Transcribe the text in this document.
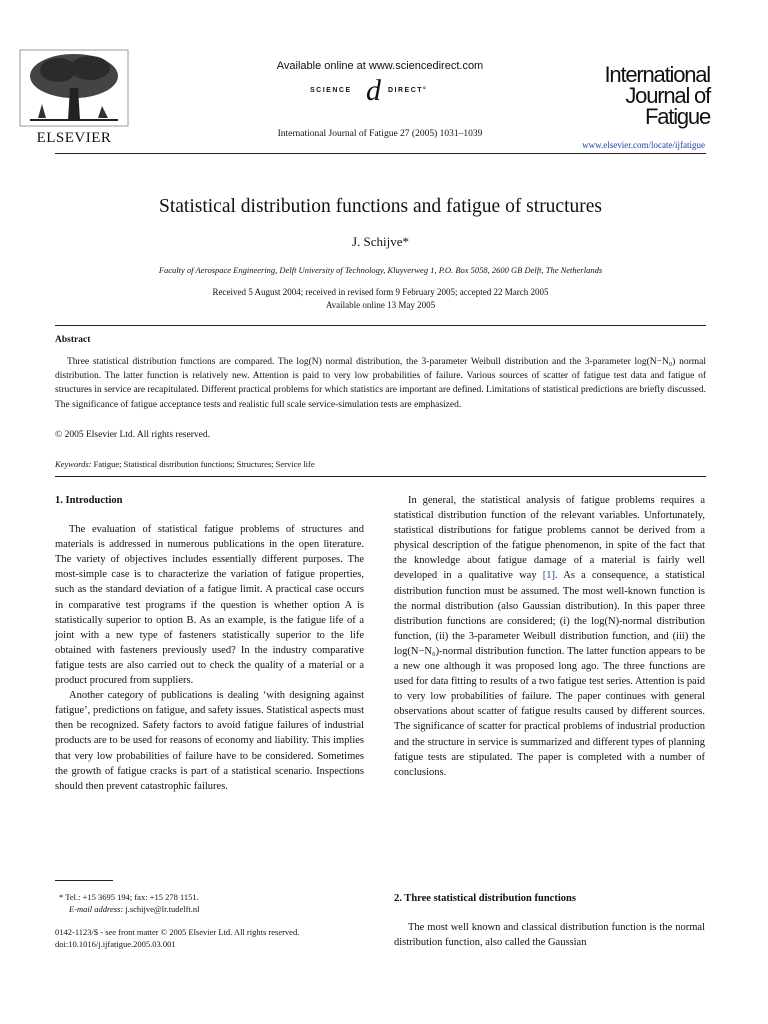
ELSEVIER
Available online at www.sciencedirect.com
SCIENCE d DIRECT°
International Journal of Fatigue 27 (2005) 1031–1039
International
Journal of
Fatigue
www.elsevier.com/locate/ijfatigue
Statistical distribution functions and fatigue of structures
J. Schijve*
Faculty of Aerospace Engineering, Delft University of Technology, Kluyverweg 1, P.O. Box 5058, 2600 GB Delft, The Netherlands
Received 5 August 2004; received in revised form 9 February 2005; accepted 22 March 2005
Available online 13 May 2005
Abstract

Three statistical distribution functions are compared. The log(N) normal distribution, the 3-parameter Weibull distribution and the 3-parameter log(N−N₀) normal distribution. The latter function is relatively new. Attention is paid to very low probabilities of failure. Various sources of scatter of fatigue test data and fatigue of structures in service are recapitulated. Different practical problems for which statistics are important are defined. Limitations of statistical predictions are briefly discussed. The significance of fatigue acceptance tests and realistic full scale service-simulation tests are emphasized.

© 2005 Elsevier Ltd. All rights reserved.
Keywords: Fatigue; Statistical distribution functions; Structures; Service life

1. Introduction

The evaluation of statistical fatigue problems of structures and materials is addressed in numerous publications in the open literature. The variety of objectives includes essentially different purposes. The most-simple case is to characterize the variation of fatigue properties, such as the standard deviation of a fatigue limit. A practical case occurs in comparative test programs if the question is whether option A is statistically superior to option B. As an example, is the fatigue life of a joint with a new type of fasteners statistically superior to the life obtained with fasteners previously used? In the industry comparative fatigue tests are also carried out to check the quality of a material or a product procured from suppliers.

Another category of publications is dealing ‘with designing against fatigue’, predictions on fatigue, and safety issues. Statistical aspects must then be recognized. Safety factors to avoid fatigue failures of industrial products are to be used for reasons of economy and liability. This implies that very low probabilities of failure have to be considered. Sometimes the growth of fatigue cracks is part of a statistical scenario. Inspections should then prevent catastrophic failures.

In general, the statistical analysis of fatigue problems requires a statistical distribution function of the relevant variables. Unfortunately, statistical distributions for fatigue problems cannot be derived from a physical description of the fatigue phenomenon, in spite of the fact that the knowledge about fatigue damage of a material is fairly well developed in a qualitative way [1]. As a consequence, a statistical distribution function must be assumed. The most well-known function is the normal distribution (also Gaussian distribution). In this paper three distribution functions are considered; (i) the log(N)-normal distribution function, (ii) the 3-parameter Weibull distribution function, and (iii) the log(N−N₀)-normal distribution function. The latter function appears to be a new one although it was proposed long ago. The three functions are used for data fitting to results of a two fatigue test series. Attention is paid to very low probabilities of failure. The paper continues with general observations about scatter of fatigue results caused by different sources. The significance of scatter for practical problems of industrial production and the structure in service is summarized and different types of planning fatigue tests are stipulated. The paper is completed with a number of conclusions.

* Tel.: +15 3695 194; fax: +15 278 1151.
E-mail address: j.schijve@lr.tudelft.nl
0142-1123/$ - see front matter © 2005 Elsevier Ltd. All rights reserved.
doi:10.1016/j.ijfatigue.2005.03.001
2. Three statistical distribution functions

The most well known and classical distribution function is the normal distribution function, also called the Gaussian
